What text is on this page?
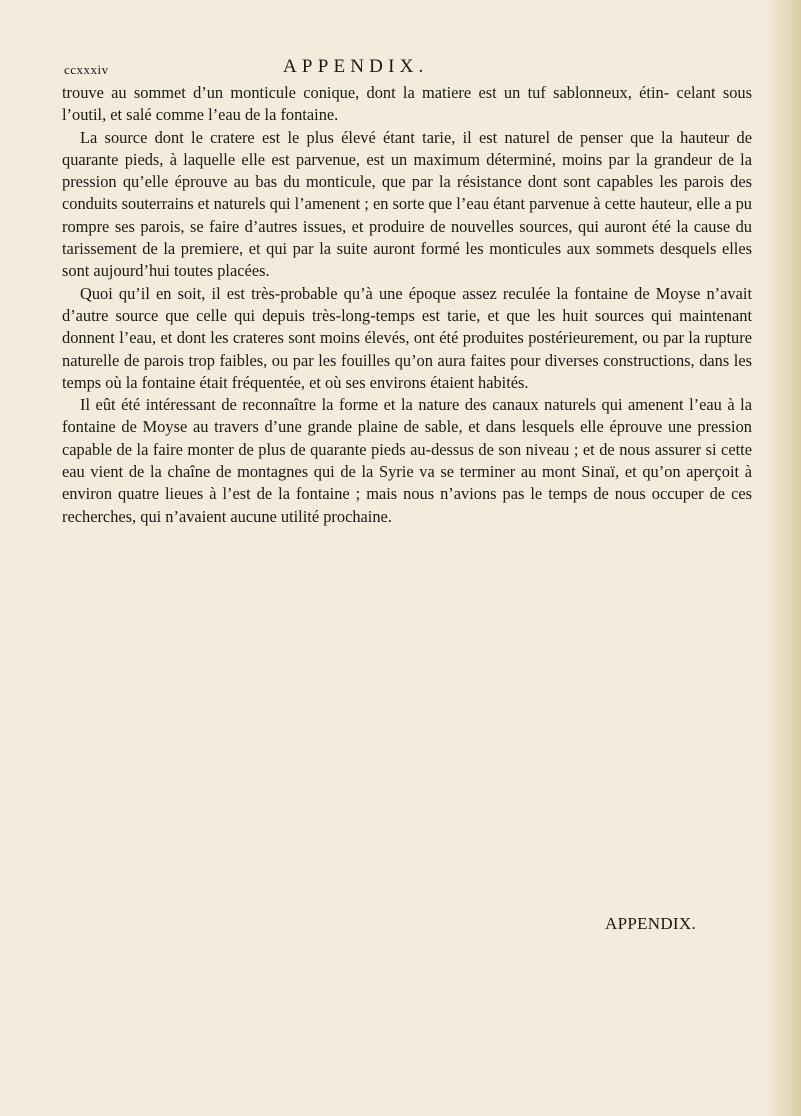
ccxxxiv	APPENDIX.

trouve au sommet d’un monticule conique, dont la matiere est un tuf sablonneux, étin- celant sous l’outil, et salé comme l’eau de la fontaine.

La source dont le cratere est le plus élevé étant tarie, il est naturel de penser que la hauteur de quarante pieds, à laquelle elle est parvenue, est un maximum déterminé, moins par la grandeur de la pression qu’elle éprouve au bas du monticule, que par la résistance dont sont capables les parois des conduits souterrains et naturels qui l’amenent ; en sorte que l’eau étant parvenue à cette hauteur, elle a pu rompre ses parois, se faire d’autres issues, et produire de nouvelles sources, qui auront été la cause du tarissement de la premiere, et qui par la suite auront formé les monticules aux sommets desquels elles sont aujourd’hui toutes placées.

Quoi qu’il en soit, il est très-probable qu’à une époque assez reculée la fontaine de Moyse n’avait d’autre source que celle qui depuis très-long-temps est tarie, et que les huit sources qui maintenant donnent l’eau, et dont les crateres sont moins élevés, ont été produites postérieurement, ou par la rupture naturelle de parois trop faibles, ou par les fouilles qu’on aura faites pour diverses constructions, dans les temps où la fontaine était fréquentée, et où ses environs étaient habités.

Il eût été intéressant de reconnaître la forme et la nature des canaux naturels qui amenent l’eau à la fontaine de Moyse au travers d’une grande plaine de sable, et dans lesquels elle éprouve une pression capable de la faire monter de plus de quarante pieds au-dessus de son niveau ; et de nous assurer si cette eau vient de la chaîne de montagnes qui de la Syrie va se terminer au mont Sinaï, et qu’on aperçoit à environ quatre lieues à l’est de la fontaine ; mais nous n’avions pas le temps de nous occuper de ces recherches, qui n’avaient aucune utilité prochaine.

APPENDIX.
